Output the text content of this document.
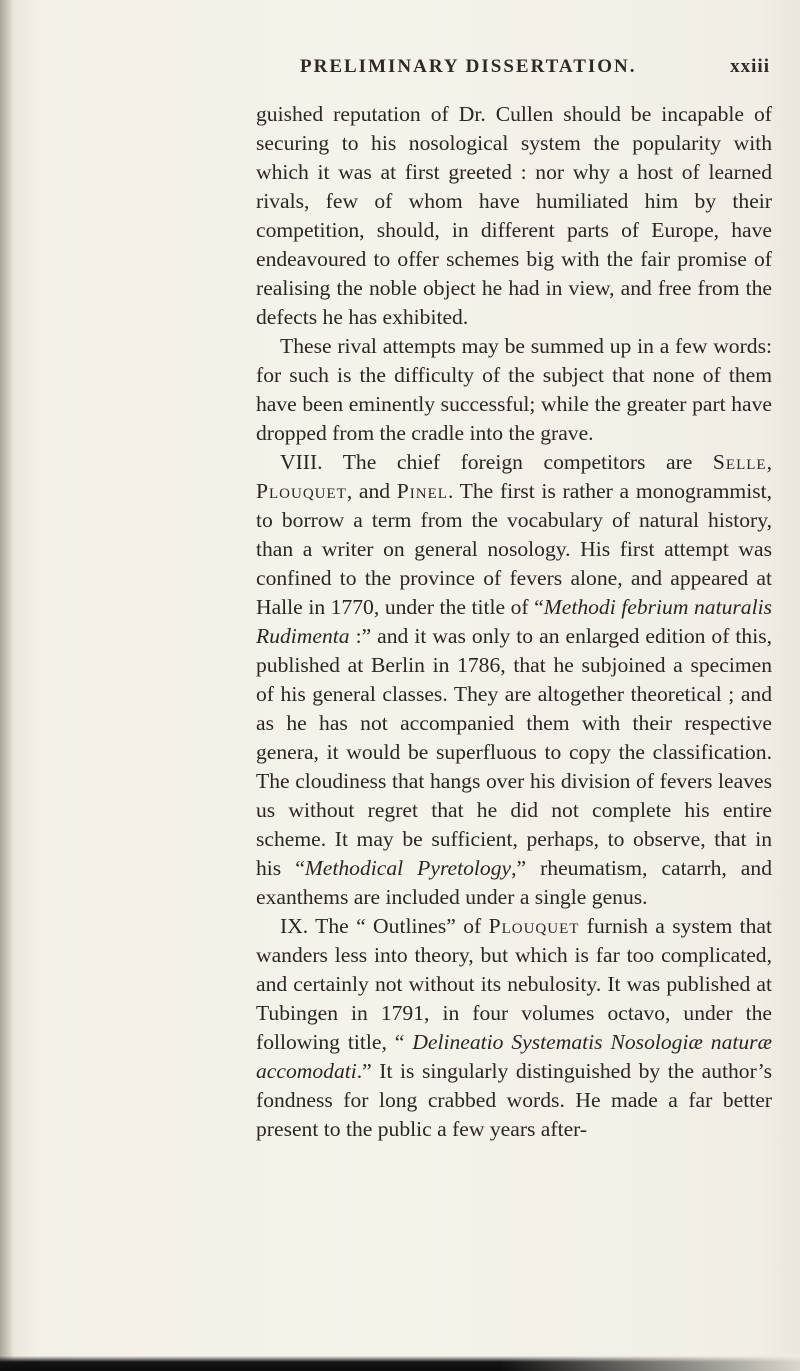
PRELIMINARY DISSERTATION.	xxiii

guished reputation of Dr. Cullen should be incapable of securing to his nosological system the popularity with which it was at first greeted : nor why a host of learned rivals, few of whom have humiliated him by their competition, should, in different parts of Europe, have endeavoured to offer schemes big with the fair promise of realising the noble object he had in view, and free from the defects he has exhibited.

These rival attempts may be summed up in a few words: for such is the difficulty of the subject that none of them have been eminently successful; while the greater part have dropped from the cradle into the grave.

VIII. The chief foreign competitors are Selle, Plouquet, and Pinel. The first is rather a monogrammist, to borrow a term from the vocabulary of natural history, than a writer on general nosology. His first attempt was confined to the province of fevers alone, and appeared at Halle in 1770, under the title of “Methodi febrium naturalis Rudimenta :” and it was only to an enlarged edition of this, published at Berlin in 1786, that he subjoined a specimen of his general classes. They are altogether theoretical ; and as he has not accompanied them with their respective genera, it would be superfluous to copy the classification. The cloudiness that hangs over his division of fevers leaves us without regret that he did not complete his entire scheme. It may be sufficient, perhaps, to observe, that in his “Methodical Pyretology,” rheumatism, catarrh, and exanthems are included under a single genus.

IX. The “ Outlines” of Plouquet furnish a system that wanders less into theory, but which is far too complicated, and certainly not without its nebulosity. It was published at Tubingen in 1791, in four volumes octavo, under the following title, “ Delineatio Systematis Nosologiæ naturæ accomodati.” It is singularly distinguished by the author’s fondness for long crabbed words. He made a far better present to the public a few years after-
